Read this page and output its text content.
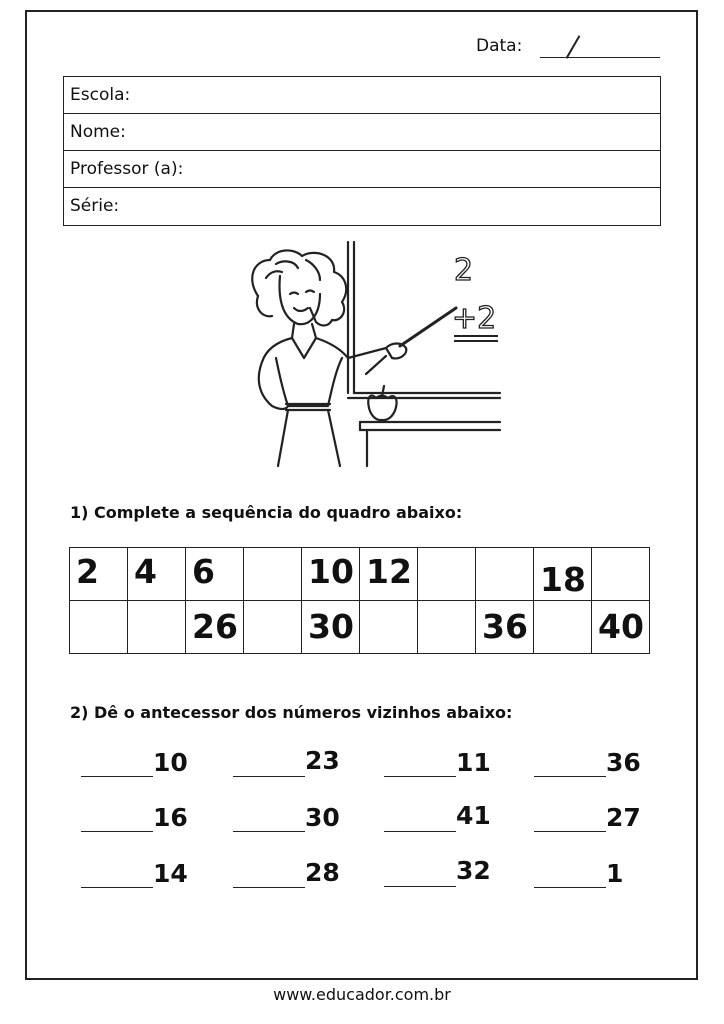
Data:
Escola:
Nome:
Professor (a):
Série:
2
+2
1) Complete a sequência do quadro abaixo:
2	4	6		10	12			18	

		26		30			36		40
2) Dê o antecessor dos números vizinhos abaixo:
10	23	11	36
16	30	41	27
14	28	32	1
www.educador.com.br
